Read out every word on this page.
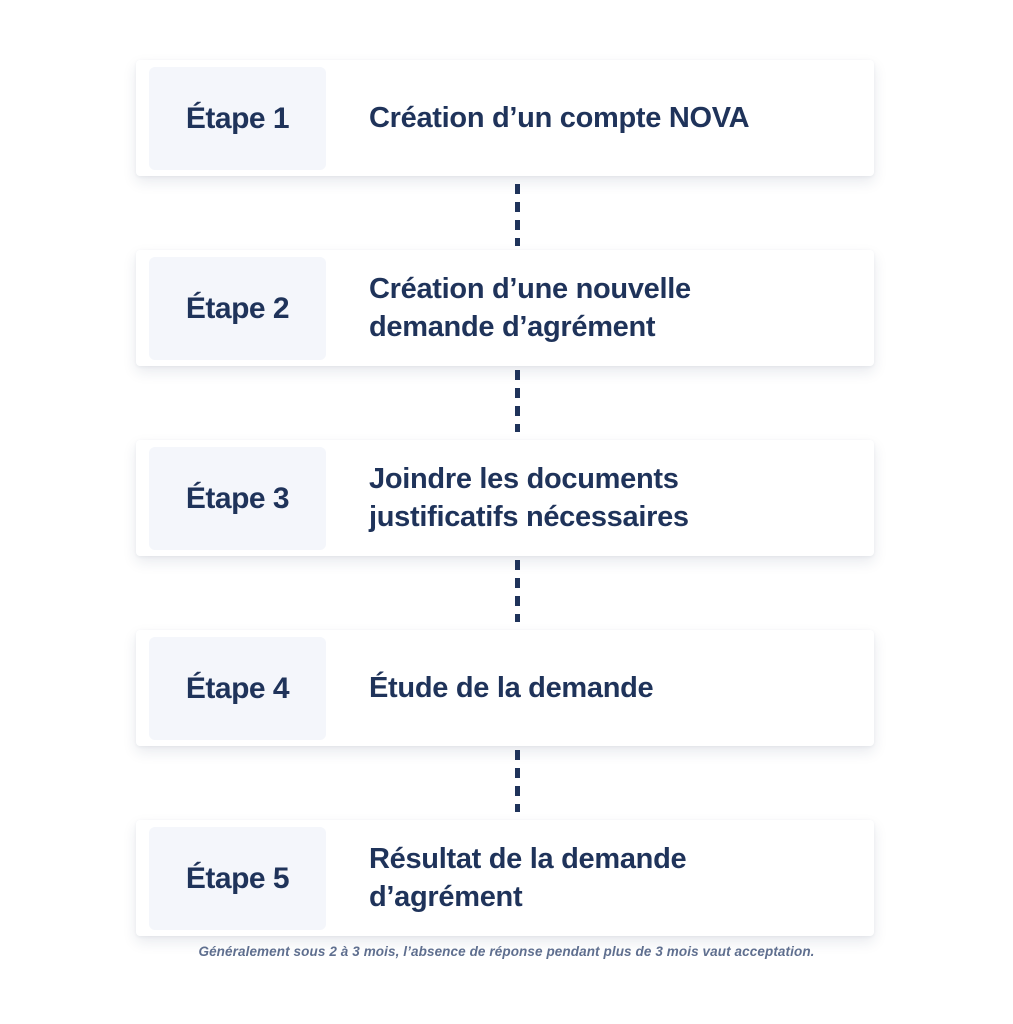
Étape 1	Création d’un compte NOVA
Étape 2
Création d’une nouvelle
demande d’agrément
Étape 3
Joindre les documents
justificatifs nécessaires
Étape 4	Étude de la demande
Étape 5
Résultat de la demande
d’agrément
Généralement sous 2 à 3 mois, l’absence de réponse pendant plus de 3 mois vaut acceptation.
